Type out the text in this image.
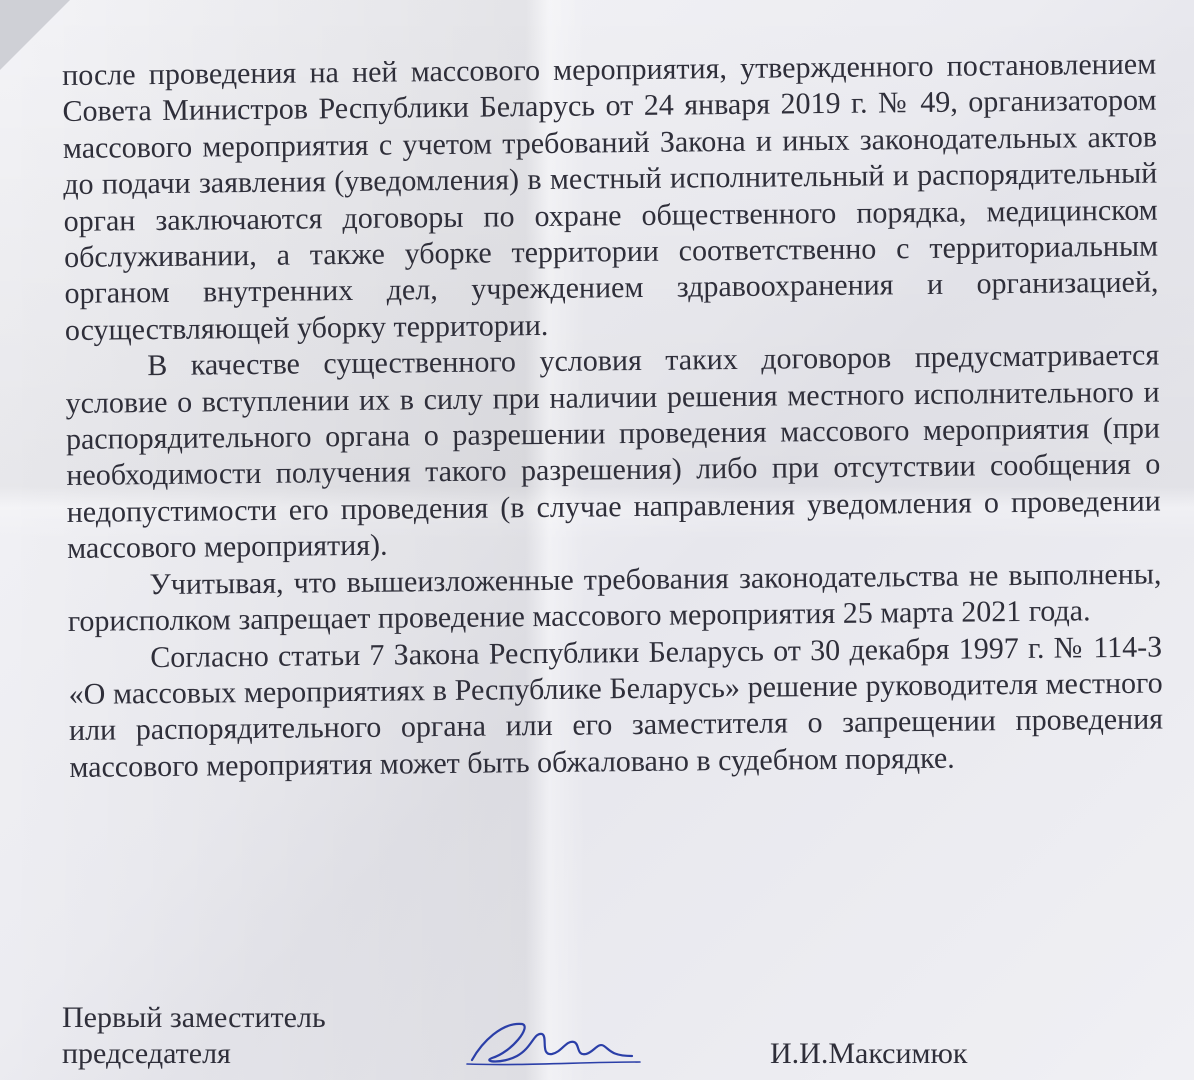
после проведения на ней массового мероприятия, утвержденного постановлением Совета Министров Республики Беларусь от 24 января 2019 г. № 49, организатором массового мероприятия с учетом требований Закона и иных законодательных актов до подачи заявления (уведомления) в местный исполнительный и распорядительный орган заключаются договоры по охране общественного порядка, медицинском обслуживании, а также уборке территории соответственно с территориальным органом внутренних дел, учреждением здравоохранения и организацией, осуществляющей уборку территории.

В качестве существенного условия таких договоров предусматривается условие о вступлении их в силу при наличии решения местного исполнительного и распорядительного органа о разрешении проведения массового мероприятия (при необходимости получения такого разрешения) либо при отсутствии сообщения о недопустимости его проведения (в случае направления уведомления о проведении массового мероприятия).

Учитывая, что вышеизложенные требования законодательства не выполнены, горисполком запрещает проведение массового мероприятия 25 марта 2021 года.

Согласно статьи 7 Закона Республики Беларусь от 30 декабря 1997 г. № 114-З «О массовых мероприятиях в Республике Беларусь» решение руководителя местного или распорядительного органа или его заместителя о запрещении проведения массового мероприятия может быть обжаловано в судебном порядке.

Первый заместитель
председателя	И.И.Максимюк
